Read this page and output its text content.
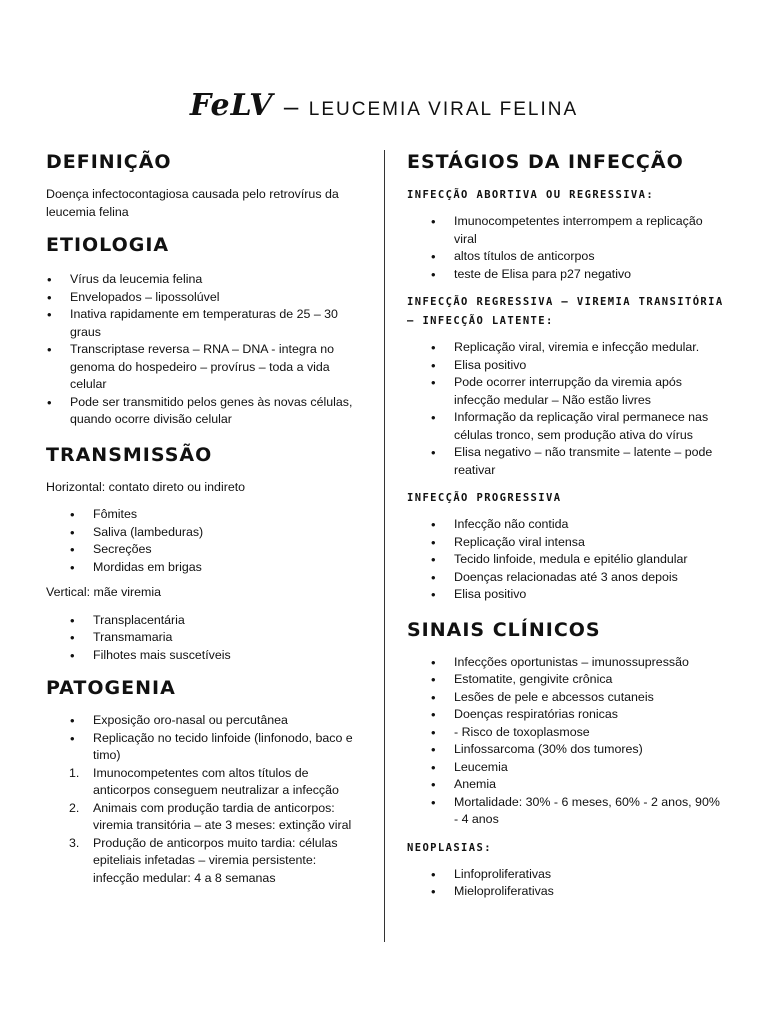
FeLV – LEUCEMIA VIRAL FELINA
DEFINIÇÃO

Doença infectocontagiosa causada pelo retrovírus da leucemia felina

ETIOLOGIA
• Vírus da leucemia felina
• Envelopados – lipossolúvel
• Inativa rapidamente em temperaturas de 25 – 30 graus
• Transcriptase reversa – RNA – DNA - integra no genoma do hospedeiro – provírus – toda a vida celular
• Pode ser transmitido pelos genes às novas células, quando ocorre divisão celular
TRANSMISSÃO

Horizontal: contato direto ou indireto

• Fômites
• Saliva (lambeduras)
• Secreções
• Mordidas em brigas

Vertical: mãe viremia

• Transplacentária
• Transmamaria
• Filhotes mais suscetíveis
PATOGENIA
• Exposição oro-nasal ou percutânea
• Replicação no tecido linfoide (linfonodo, baco e timo)
1. Imunocompetentes com altos títulos de anticorpos conseguem neutralizar a infecção
2. Animais com produção tardia de anticorpos: viremia transitória – ate 3 meses: extinção viral
3. Produção de anticorpos muito tardia: células epiteliais infetadas – viremia persistente: infecção medular: 4 a 8 semanas
ESTÁGIOS DA INFECÇÃO
INFECÇÃO ABORTIVA OU REGRESSIVA:
• Imunocompetentes interrompem a replicação viral
• altos títulos de anticorpos
• teste de Elisa para p27 negativo
INFECÇÃO REGRESSIVA – VIREMIA TRANSITÓRIA – INFECÇÃO LATENTE:
• Replicação viral, viremia e infecção medular.
• Elisa positivo
• Pode ocorrer interrupção da viremia após infecção medular – Não estão livres
• Informação da replicação viral permanece nas células tronco, sem produção ativa do vírus
• Elisa negativo – não transmite – latente – pode reativar
INFECÇÃO PROGRESSIVA
• Infecção não contida
• Replicação viral intensa
• Tecido linfoide, medula e epitélio glandular
• Doenças relacionadas até 3 anos depois
• Elisa positivo
SINAIS CLÍNICOS
• Infecções oportunistas – imunossupressão
• Estomatite, gengivite crônica
• Lesões de pele e abcessos cutaneis
• Doenças respiratórias ronicas
• - Risco de toxoplasmose
• Linfossarcoma (30% dos tumores)
• Leucemia
• Anemia
• Mortalidade: 30% - 6 meses, 60% - 2 anos, 90% - 4 anos
NEOPLASIAS:
• Linfoproliferativas
• Mieloproliferativas
